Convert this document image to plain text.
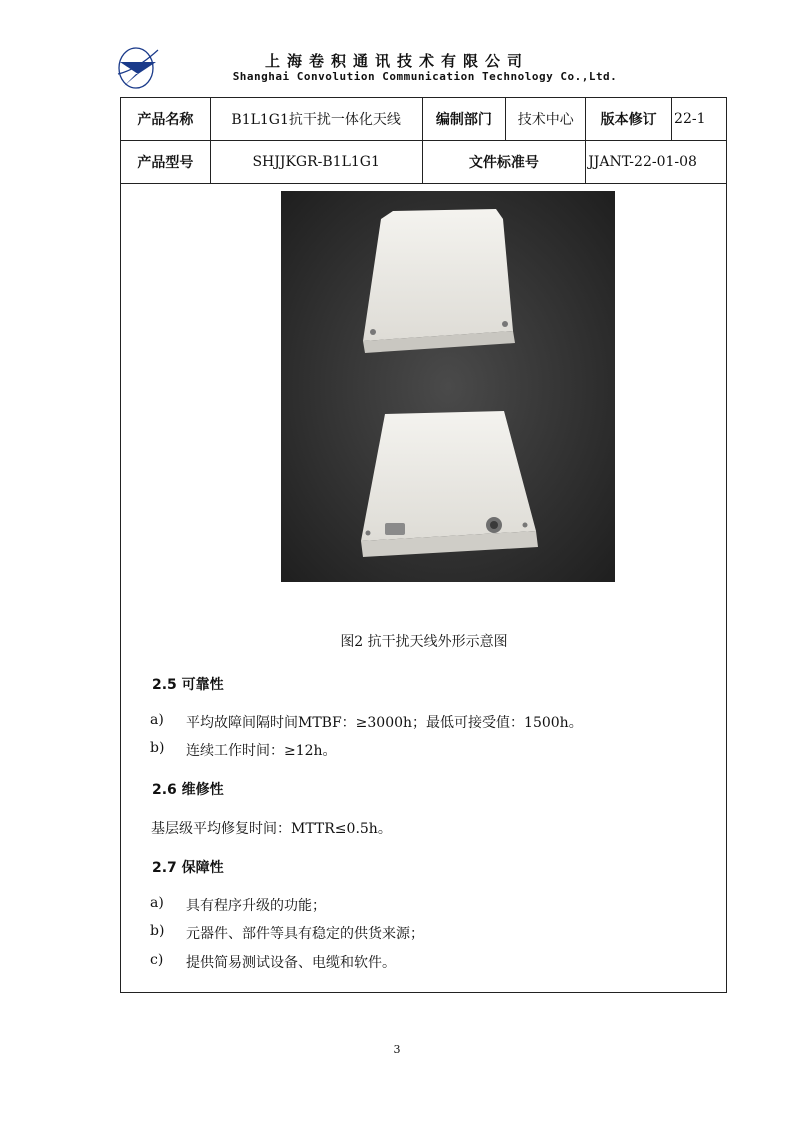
上海卷积通讯技术有限公司
Shanghai Convolution Communication Technology Co.,Ltd.
产品名称	B1L1G1抗干扰一体化天线	编制部门	技术中心	版本修订	22-1
产品型号	SHJJKGR-B1L1G1	文件标准号		JJANT-22-01-08	
图2 抗干扰天线外形示意图
2.5 可靠性
a) 平均故障间隔时间MTBF：≥3000h；最低可接受值：1500h。
b) 连续工作时间：≥12h。
2.6 维修性
基层级平均修复时间：MTTR≤0.5h。
2.7 保障性
a) 具有程序升级的功能；
b) 元器件、部件等具有稳定的供货来源；
c) 提供简易测试设备、电缆和软件。
3
